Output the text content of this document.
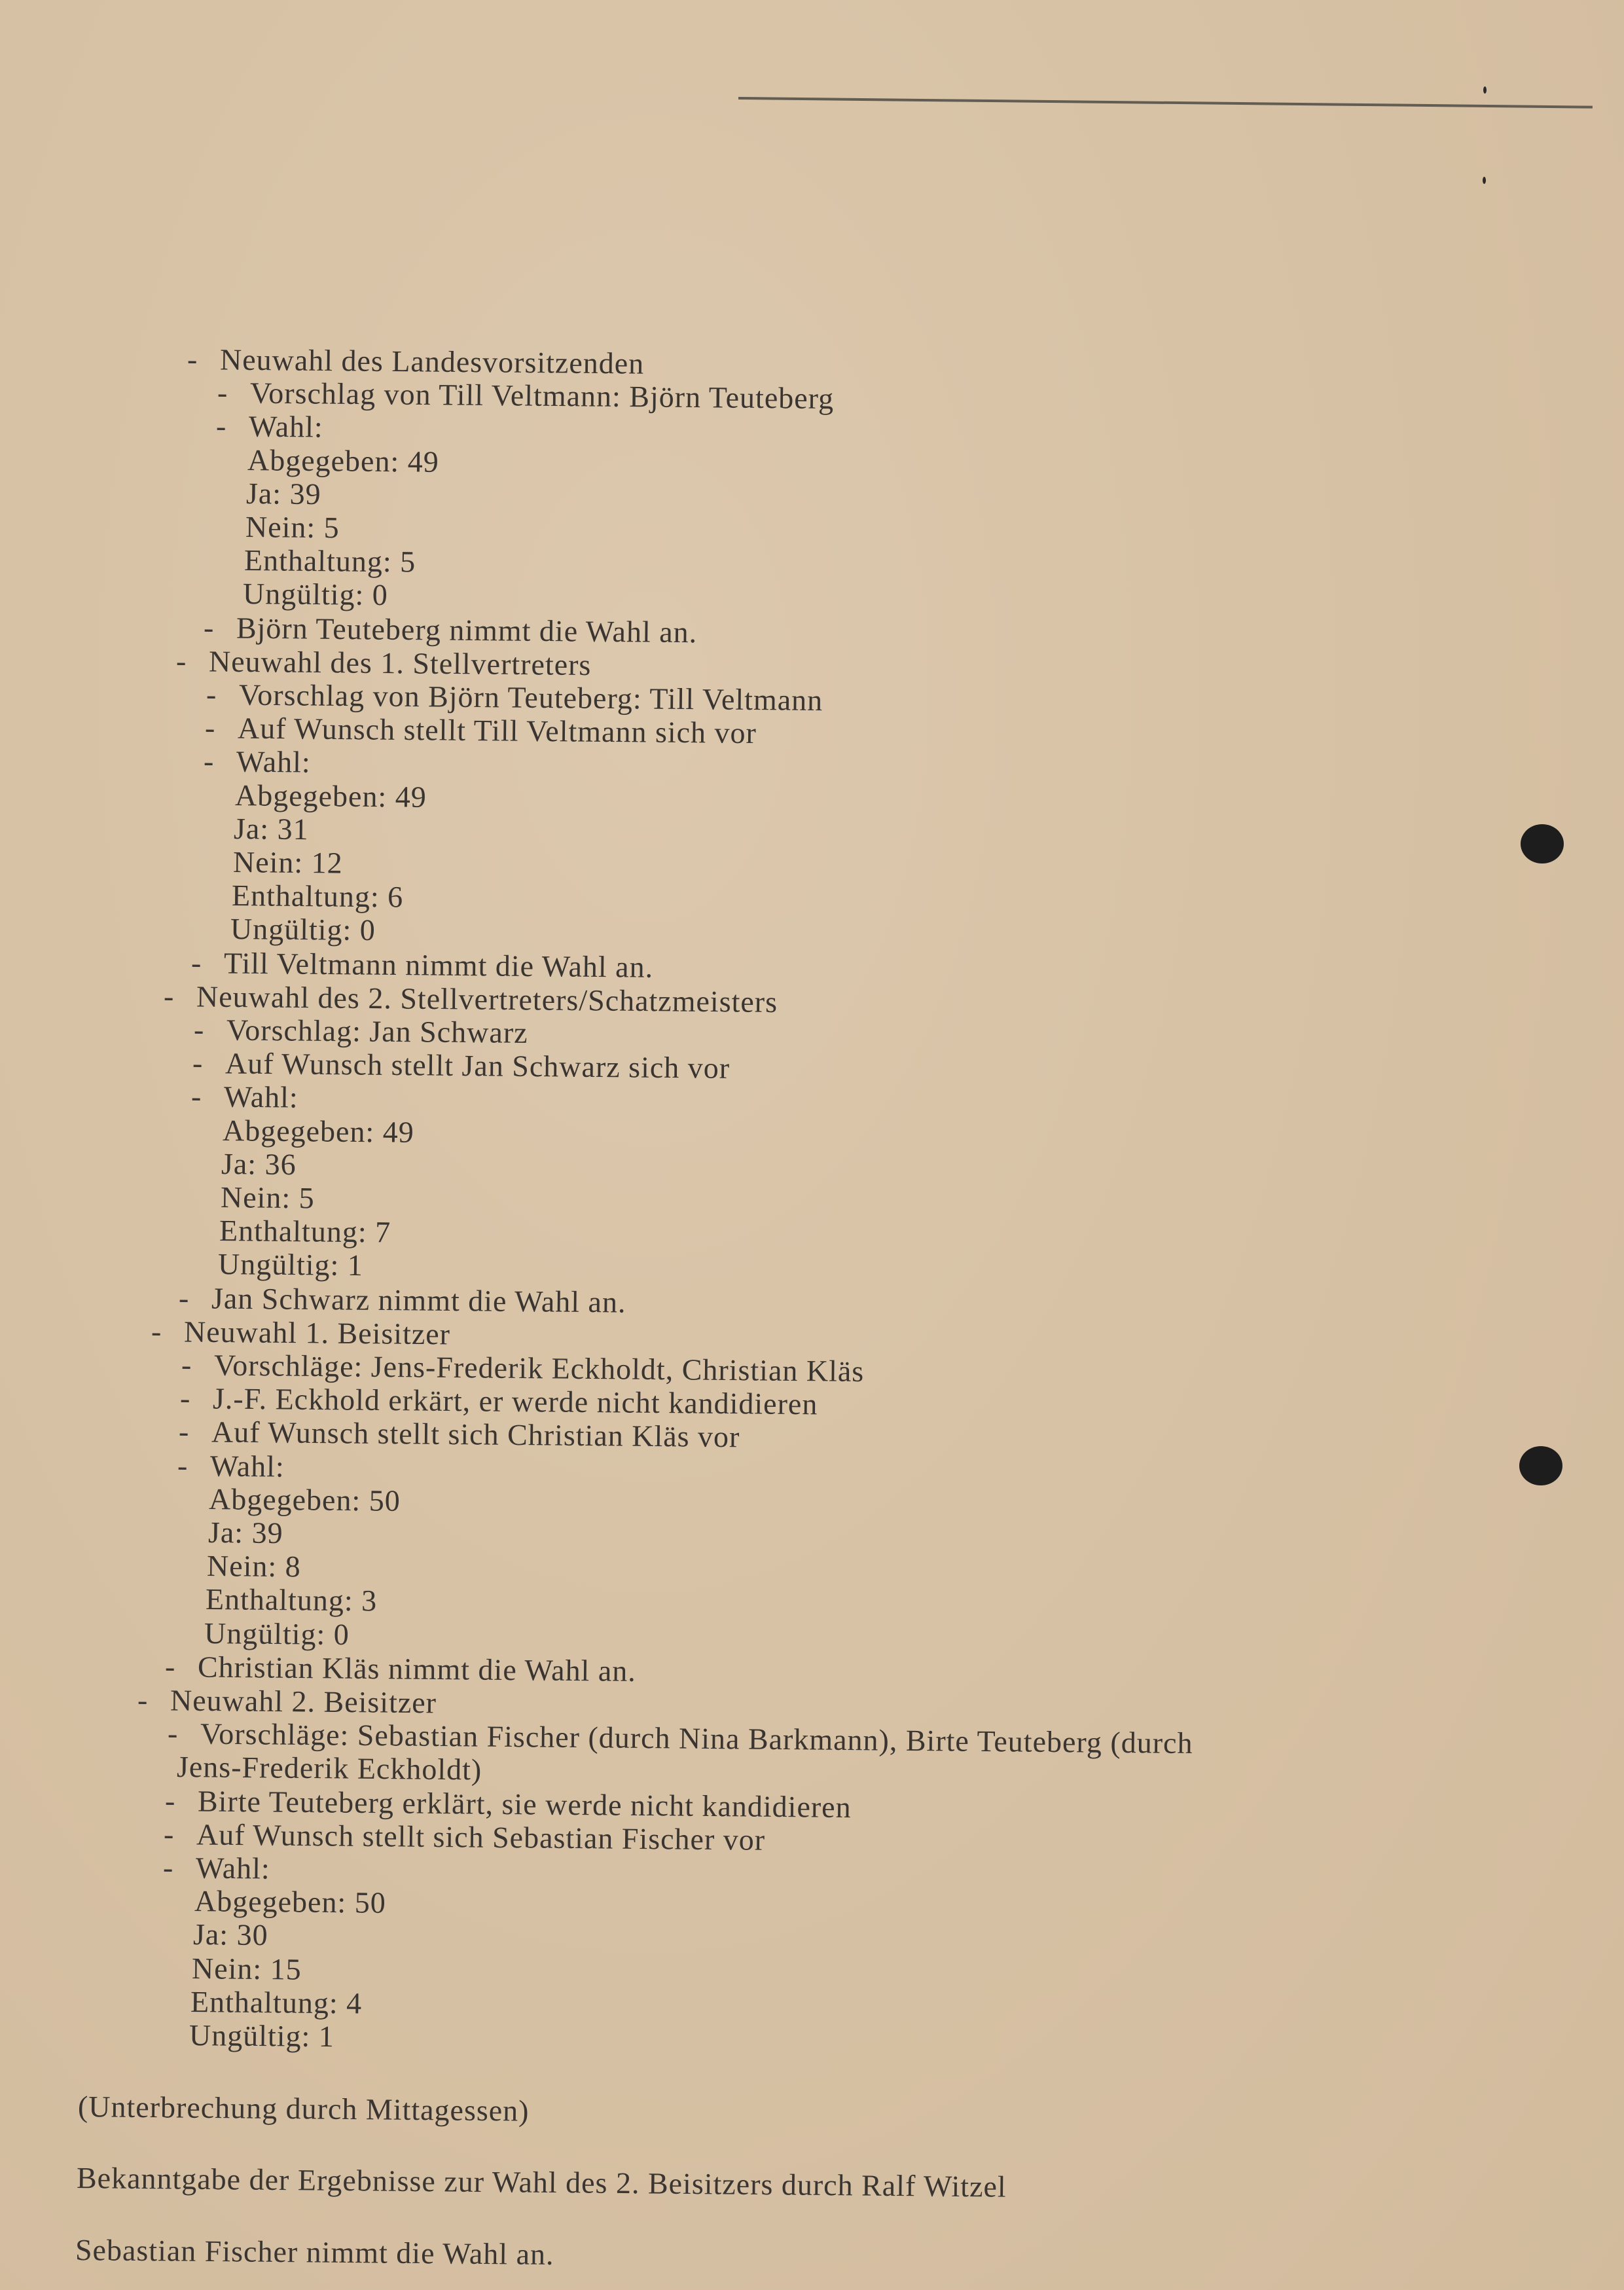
- Neuwahl des Landesvorsitzenden
- Vorschlag von Till Veltmann: Björn Teuteberg
- Wahl:
Abgegeben: 49
Ja: 39
Nein: 5
Enthaltung: 5
Ungültig: 0
- Björn Teuteberg nimmt die Wahl an.
- Neuwahl des 1. Stellvertreters
- Vorschlag von Björn Teuteberg: Till Veltmann
- Auf Wunsch stellt Till Veltmann sich vor
- Wahl:
Abgegeben: 49
Ja: 31
Nein: 12
Enthaltung: 6
Ungültig: 0
- Till Veltmann nimmt die Wahl an.
- Neuwahl des 2. Stellvertreters/Schatzmeisters
- Vorschlag: Jan Schwarz
- Auf Wunsch stellt Jan Schwarz sich vor
- Wahl:
Abgegeben: 49
Ja: 36
Nein: 5
Enthaltung: 7
Ungültig: 1
- Jan Schwarz nimmt die Wahl an.
- Neuwahl 1. Beisitzer
- Vorschläge: Jens-Frederik Eckholdt, Christian Kläs
- J.-F. Eckhold erkärt, er werde nicht kandidieren
- Auf Wunsch stellt sich Christian Kläs vor
- Wahl:
Abgegeben: 50
Ja: 39
Nein: 8
Enthaltung: 3
Ungültig: 0
- Christian Kläs nimmt die Wahl an.
- Neuwahl 2. Beisitzer
- Vorschläge: Sebastian Fischer (durch Nina Barkmann), Birte Teuteberg (durch
Jens-Frederik Eckholdt)
- Birte Teuteberg erklärt, sie werde nicht kandidieren
- Auf Wunsch stellt sich Sebastian Fischer vor
- Wahl:
Abgegeben: 50
Ja: 30
Nein: 15
Enthaltung: 4
Ungültig: 1
(Unterbrechung durch Mittagessen)
Bekanntgabe der Ergebnisse zur Wahl des 2. Beisitzers durch Ralf Witzel
Sebastian Fischer nimmt die Wahl an.
